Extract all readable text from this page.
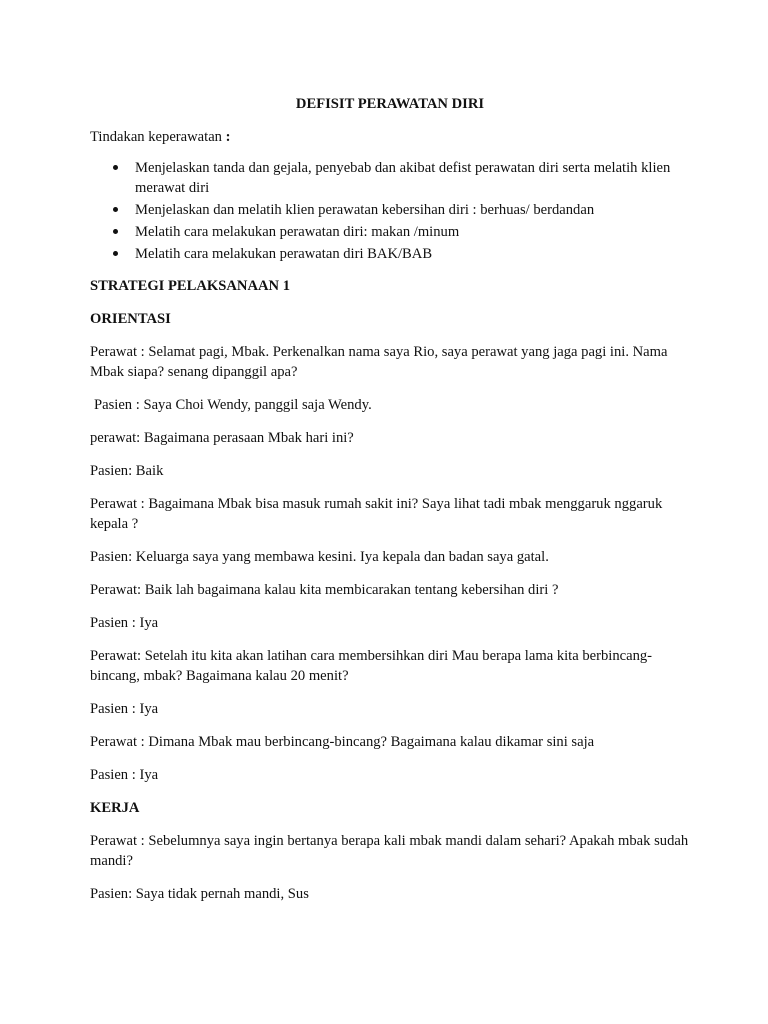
DEFISIT PERAWATAN DIRI
Tindakan keperawatan :
Menjelaskan tanda dan gejala, penyebab dan akibat defist perawatan diri serta melatih klien merawat diri
Menjelaskan dan melatih klien perawatan kebersihan diri : berhuas/ berdandan
Melatih cara melakukan perawatan diri: makan /minum
Melatih cara melakukan perawatan diri BAK/BAB
STRATEGI PELAKSANAAN 1
ORIENTASI
Perawat : Selamat pagi, Mbak. Perkenalkan nama saya Rio, saya perawat yang jaga pagi ini. Nama Mbak siapa? senang dipanggil apa?
Pasien : Saya Choi Wendy, panggil saja Wendy.
perawat: Bagaimana perasaan Mbak hari ini?
Pasien: Baik
Perawat : Bagaimana Mbak bisa masuk rumah sakit ini? Saya lihat tadi mbak menggaruk nggaruk kepala ?
Pasien: Keluarga saya yang membawa kesini. Iya kepala dan badan saya gatal.
Perawat: Baik lah bagaimana kalau kita membicarakan tentang kebersihan diri ?
Pasien : Iya
Perawat: Setelah itu kita akan latihan cara membersihkan diri Mau berapa lama kita berbincang-bincang, mbak? Bagaimana kalau 20 menit?
Pasien : Iya
Perawat : Dimana Mbak mau berbincang-bincang? Bagaimana kalau dikamar sini saja
Pasien : Iya
KERJA
Perawat : Sebelumnya saya ingin bertanya berapa kali mbak mandi dalam sehari? Apakah mbak sudah mandi?
Pasien: Saya tidak pernah mandi, Sus
